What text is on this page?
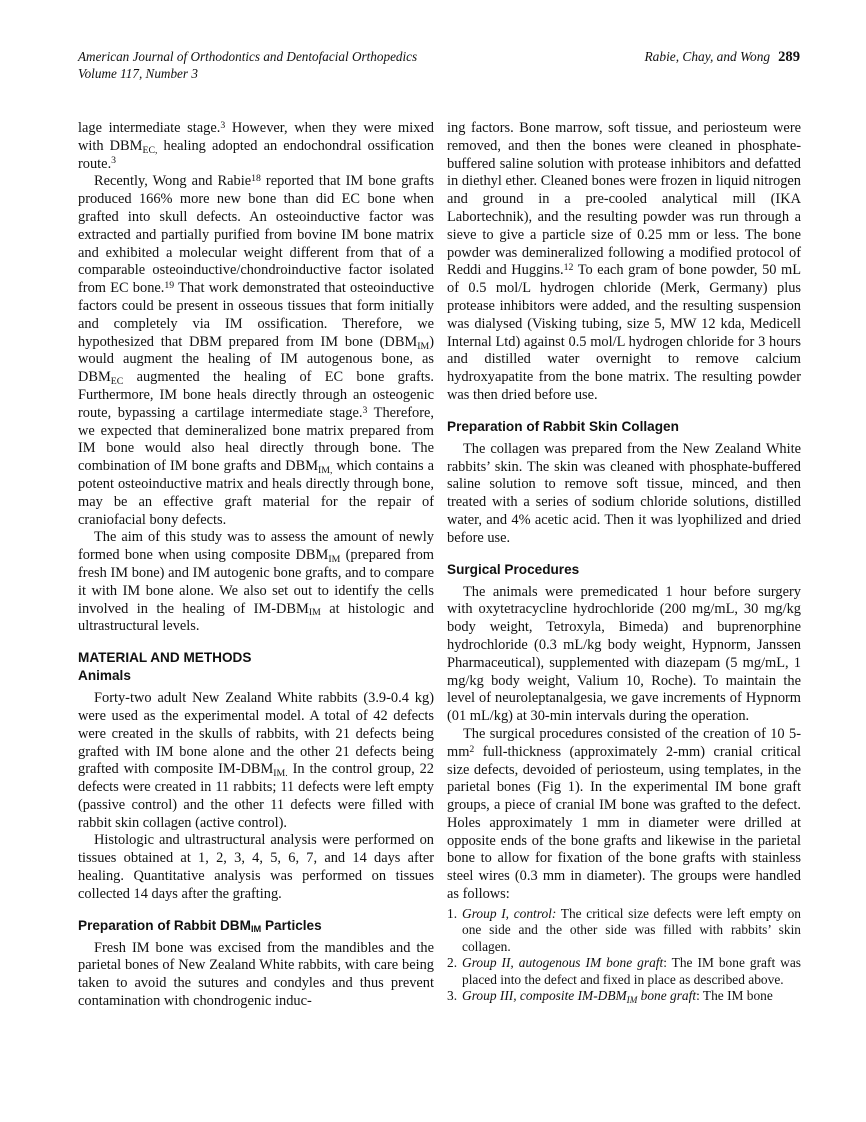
American Journal of Orthodontics and Dentofacial Orthopedics
Volume 117, Number 3
Rabie, Chay, and Wong 289

lage intermediate stage.$^3$ However, when they were mixed with $DBM_{EC,}$ healing adopted an endochondral ossification route.$^3$

Recently, Wong and Rabie$^{18}$ reported that IM bone grafts produced 166% more new bone than did EC bone when grafted into skull defects. An osteoinductive factor was extracted and partially purified from bovine IM bone matrix and exhibited a molecular weight different from that of a comparable osteoinductive/chondroinductive factor isolated from EC bone.$^{19}$ That work demonstrated that osteoinductive factors could be present in osseous tissues that form initially and completely via IM ossification. Therefore, we hypothesized that DBM prepared from IM bone $(DBM_{IM})$ would augment the healing of IM autogenous bone, as $DBM_{EC}$ augmented the healing of EC bone grafts. Furthermore, IM bone heals directly through an osteogenic route, bypassing a cartilage intermediate stage.$^3$ Therefore, we expected that demineralized bone matrix prepared from IM bone would also heal directly through bone. The combination of IM bone grafts and $DBM_{IM,}$ which contains a potent osteoinductive matrix and heals directly through bone, may be an effective graft material for the repair of craniofacial bony defects.

The aim of this study was to assess the amount of newly formed bone when using composite $DBM_{IM}$ (prepared from fresh IM bone) and IM autogenic bone grafts, and to compare it with IM bone alone. We also set out to identify the cells involved in the healing of $IM-DBM_{IM}$ at histologic and ultrastructural levels.

MATERIAL AND METHODS
Animals

Forty-two adult New Zealand White rabbits (3.9-0.4 kg) were used as the experimental model. A total of 42 defects were created in the skulls of rabbits, with 21 defects being grafted with IM bone alone and the other 21 defects being grafted with composite $IM-DBM_{IM.}$ In the control group, 22 defects were created in 11 rabbits; 11 defects were left empty (passive control) and the other 11 defects were filled with rabbit skin collagen (active control).

Histologic and ultrastructural analysis were performed on tissues obtained at 1, 2, 3, 4, 5, 6, 7, and 14 days after healing. Quantitative analysis was performed on tissues collected 14 days after the grafting.

Preparation of Rabbit $DBM_{IM}$ Particles

Fresh IM bone was excised from the mandibles and the parietal bones of New Zealand White rabbits, with care being taken to avoid the sutures and condyles and thus prevent contamination with chondrogenic induc-

ing factors. Bone marrow, soft tissue, and periosteum were removed, and then the bones were cleaned in phosphate-buffered saline solution with protease inhibitors and defatted in diethyl ether. Cleaned bones were frozen in liquid nitrogen and ground in a pre-cooled analytical mill (IKA Labortechnik), and the resulting powder was run through a sieve to give a particle size of 0.25 mm or less. The bone powder was demineralized following a modified protocol of Reddi and Huggins.$^{12}$ To each gram of bone powder, 50 mL of 0.5 mol/L hydrogen chloride (Merk, Germany) plus protease inhibitors were added, and the resulting suspension was dialysed (Visking tubing, size 5, MW 12 kda, Medicell Internal Ltd) against 0.5 mol/L hydrogen chloride for 3 hours and distilled water overnight to remove calcium hydroxyapatite from the bone matrix. The resulting powder was then dried before use.

Preparation of Rabbit Skin Collagen

The collagen was prepared from the New Zealand White rabbits’ skin. The skin was cleaned with phosphate-buffered saline solution to remove soft tissue, minced, and then treated with a series of sodium chloride solutions, distilled water, and 4% acetic acid. Then it was lyophilized and dried before use.

Surgical Procedures

The animals were premedicated 1 hour before surgery with oxytetracycline hydrochloride (200 mg/mL, 30 mg/kg body weight, Tetroxyla, Bimeda) and buprenorphine hydrochloride (0.3 mL/kg body weight, Hypnorm, Janssen Pharmaceutical), supplemented with diazepam (5 mg/mL, 1 mg/kg body weight, Valium 10, Roche). To maintain the level of neuroleptanalgesia, we gave increments of Hypnorm (01 mL/kg) at 30-min intervals during the operation.

The surgical procedures consisted of the creation of 10 $5-mm^2$ full-thickness (approximately 2-mm) cranial critical size defects, devoided of periosteum, using templates, in the parietal bones (Fig 1). In the experimental IM bone graft groups, a piece of cranial IM bone was grafted to the defect. Holes approximately 1 mm in diameter were drilled at opposite ends of the bone grafts and likewise in the parietal bone to allow for fixation of the bone grafts with stainless steel wires (0.3 mm in diameter). The groups were handled as follows:

1. Group I, control: The critical size defects were left empty on one side and the other side was filled with rabbits’ skin collagen.
2. Group II, autogenous IM bone graft: The IM bone graft was placed into the defect and fixed in place as described above.
3. Group III, composite $IM-DBM_{IM}$ bone graft: The IM bone
